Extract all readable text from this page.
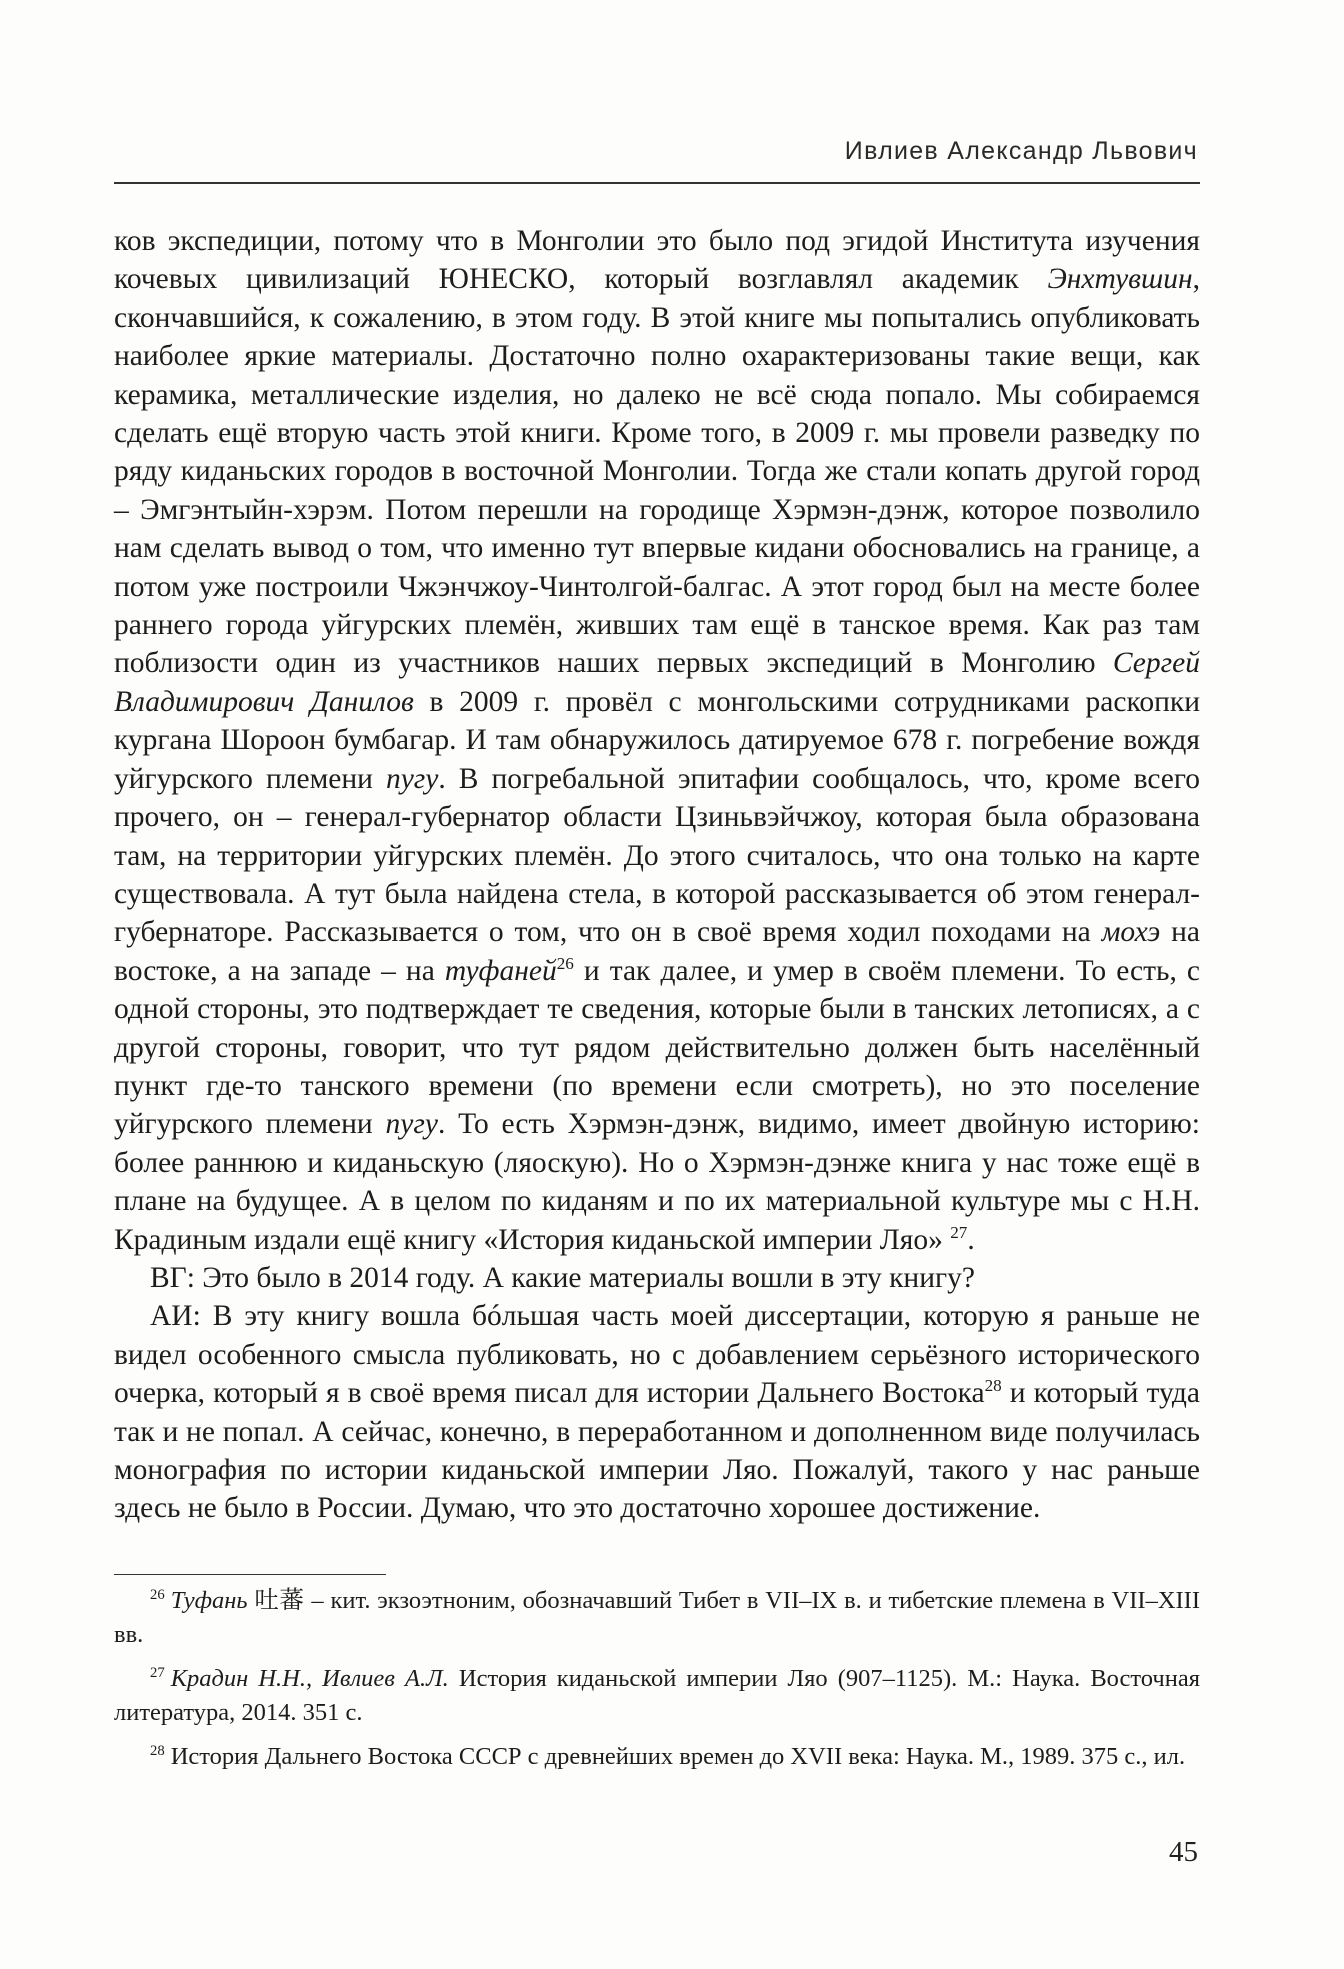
Ивлиев Александр Львович

ков экспедиции, потому что в Монголии это было под эгидой Института изучения кочевых цивилизаций ЮНЕСКО, который возглавлял академик Энхтувшин, скончавшийся, к сожалению, в этом году. В этой книге мы попытались опубликовать наиболее яркие материалы. Достаточно полно охарактеризованы такие вещи, как керамика, металлические изделия, но далеко не всё сюда попало. Мы собираемся сделать ещё вторую часть этой книги. Кроме того, в 2009 г. мы провели разведку по ряду киданьских городов в восточной Монголии. Тогда же стали копать другой город – Эмгэнтыйн-хэрэм. Потом перешли на городище Хэрмэн-дэнж, которое позволило нам сделать вывод о том, что именно тут впервые кидани обосновались на границе, а потом уже построили Чжэнчжоу-Чинтолгой-балгас. А этот город был на месте более раннего города уйгурских племён, живших там ещё в танское время. Как раз там поблизости один из участников наших первых экспедиций в Монголию Сергей Владимирович Данилов в 2009 г. провёл с монгольскими сотрудниками раскопки кургана Шороон бумбагар. И там обнаружилось датируемое 678 г. погребение вождя уйгурского племени пугу. В погребальной эпитафии сообщалось, что, кроме всего прочего, он – генерал-губернатор области Цзиньвэйчжоу, которая была образована там, на территории уйгурских племён. До этого считалось, что она только на карте существовала. А тут была найдена стела, в которой рассказывается об этом генерал-губернаторе. Рассказывается о том, что он в своё время ходил походами на мохэ на востоке, а на западе – на туфаней$^{26}$ и так далее, и умер в своём племени. То есть, с одной стороны, это подтверждает те сведения, которые были в танских летописях, а с другой стороны, говорит, что тут рядом действительно должен быть населённый пункт где-то танского времени (по времени если смотреть), но это поселение уйгурского племени пугу. То есть Хэрмэн-дэнж, видимо, имеет двойную историю: более раннюю и киданьскую (ляоскую). Но о Хэрмэн-дэнже книга у нас тоже ещё в плане на будущее. А в целом по киданям и по их материальной культуре мы с Н.Н. Крадиным издали ещё книгу «История киданьской империи Ляо» $^{27}$.

ВГ: Это было в 2014 году. А какие материалы вошли в эту книгу?

АИ: В эту книгу вошла бóльшая часть моей диссертации, которую я раньше не видел особенного смысла публиковать, но с добавлением серьёзного исторического очерка, который я в своё время писал для истории Дальнего Востока$^{28}$ и который туда так и не попал. А сейчас, конечно, в переработанном и дополненном виде получилась монография по истории киданьской империи Ляо. Пожалуй, такого у нас раньше здесь не было в России. Думаю, что это достаточно хорошее достижение.

$^{26}$ Туфань 吐蕃 – кит. экзоэтноним, обозначавший Тибет в VII–IX в. и тибетские племена в VII–XIII вв.

$^{27}$ Крадин Н.Н., Ивлиев А.Л. История киданьской империи Ляо (907–1125). М.: Наука. Восточная литература, 2014. 351 с.

$^{28}$ История Дальнего Востока СССР с древнейших времен до XVII века: Наука. М., 1989. 375 с., ил.

45
